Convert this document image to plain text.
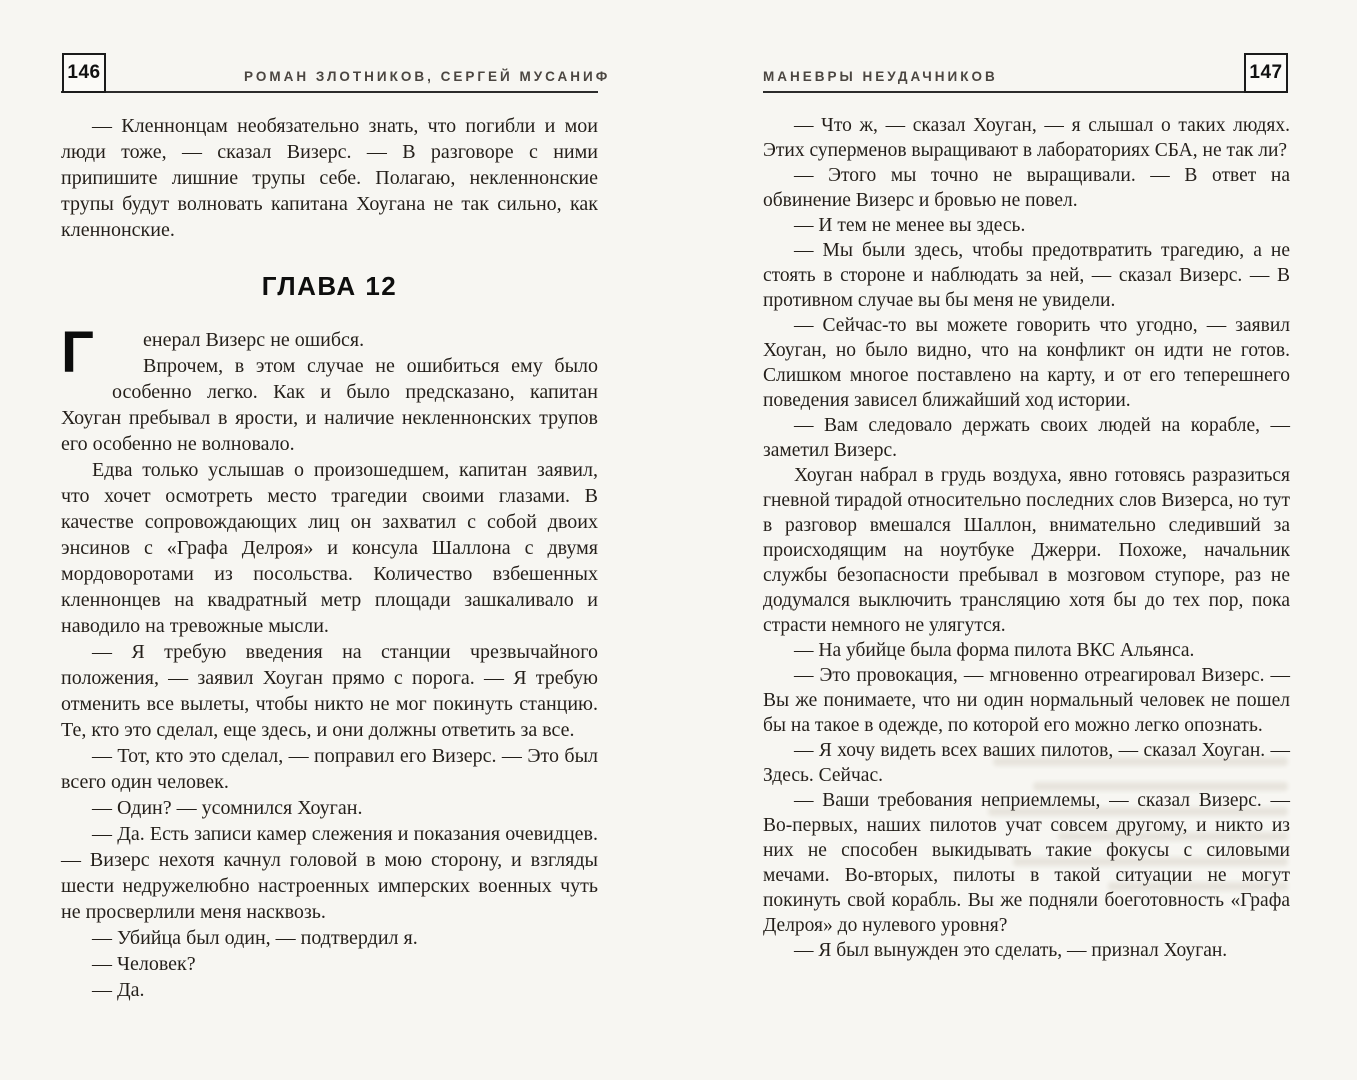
146	РОМАН ЗЛОТНИКОВ, СЕРГЕЙ МУСАНИФ	147
МАНЕВРЫ НЕУДАЧНИКОВ

— Кленнонцам необязательно знать, что погибли и мои люди тоже, — сказал Визерс. — В разговоре с ними припишите лишние трупы себе. Полагаю, некленнонские трупы будут волновать капитана Хоугана не так сильно, как кленнонские.

ГЛАВА 12
Г	енерал Визерс не ошибся.

Впрочем, в этом случае не ошибиться ему было особенно легко. Как и было предсказано, капитан Хоуган пребывал в ярости, и наличие некленнонских трупов его особенно не волновало.

Едва только услышав о произошедшем, капитан заявил, что хочет осмотреть место трагедии своими глазами. В качестве сопровождающих лиц он захватил с собой двоих энсинов с «Графа Делроя» и консула Шаллона с двумя мордоворотами из посольства. Количество взбешенных кленнонцев на квадратный метр площади зашкаливало и наводило на тревожные мысли.

— Я требую введения на станции чрезвычайного положения, — заявил Хоуган прямо с порога. — Я требую отменить все вылеты, чтобы никто не мог покинуть станцию. Те, кто это сделал, еще здесь, и они должны ответить за все.

— Тот, кто это сделал, — поправил его Визерс. — Это был всего один человек.

— Один? — усомнился Хоуган.

— Да. Есть записи камер слежения и показания очевидцев. — Визерс нехотя качнул головой в мою сторону, и взгляды шести недружелюбно настроенных имперских военных чуть не просверлили меня насквозь.

— Убийца был один, — подтвердил я.

— Человек?

— Да.

— Что ж, — сказал Хоуган, — я слышал о таких людях. Этих суперменов выращивают в лабораториях СБА, не так ли?

— Этого мы точно не выращивали. — В ответ на обвинение Визерс и бровью не повел.

— И тем не менее вы здесь.

— Мы были здесь, чтобы предотвратить трагедию, а не стоять в стороне и наблюдать за ней, — сказал Визерс. — В противном случае вы бы меня не увидели.

— Сейчас-то вы можете говорить что угодно, — заявил Хоуган, но было видно, что на конфликт он идти не готов. Слишком многое поставлено на карту, и от его теперешнего поведения зависел ближайший ход истории.

— Вам следовало держать своих людей на корабле, — заметил Визерс.

Хоуган набрал в грудь воздуха, явно готовясь разразиться гневной тирадой относительно последних слов Визерса, но тут в разговор вмешался Шаллон, внимательно следивший за происходящим на ноутбуке Джерри. Похоже, начальник службы безопасности пребывал в мозговом ступоре, раз не додумался выключить трансляцию хотя бы до тех пор, пока страсти немного не улягутся.

— На убийце была форма пилота ВКС Альянса.

— Это провокация, — мгновенно отреагировал Визерс. — Вы же понимаете, что ни один нормальный человек не пошел бы на такое в одежде, по которой его можно легко опознать.

— Я хочу видеть всех ваших пилотов, — сказал Хоуган. — Здесь. Сейчас.

— Ваши требования неприемлемы, — сказал Визерс. — Во-первых, наших пилотов учат совсем другому, и никто из них не способен выкидывать такие фокусы с силовыми мечами. Во-вторых, пилоты в такой ситуации не могут покинуть свой корабль. Вы же подняли боеготовность «Графа Делроя» до нулевого уровня?

— Я был вынужден это сделать, — признал Хоуган.
